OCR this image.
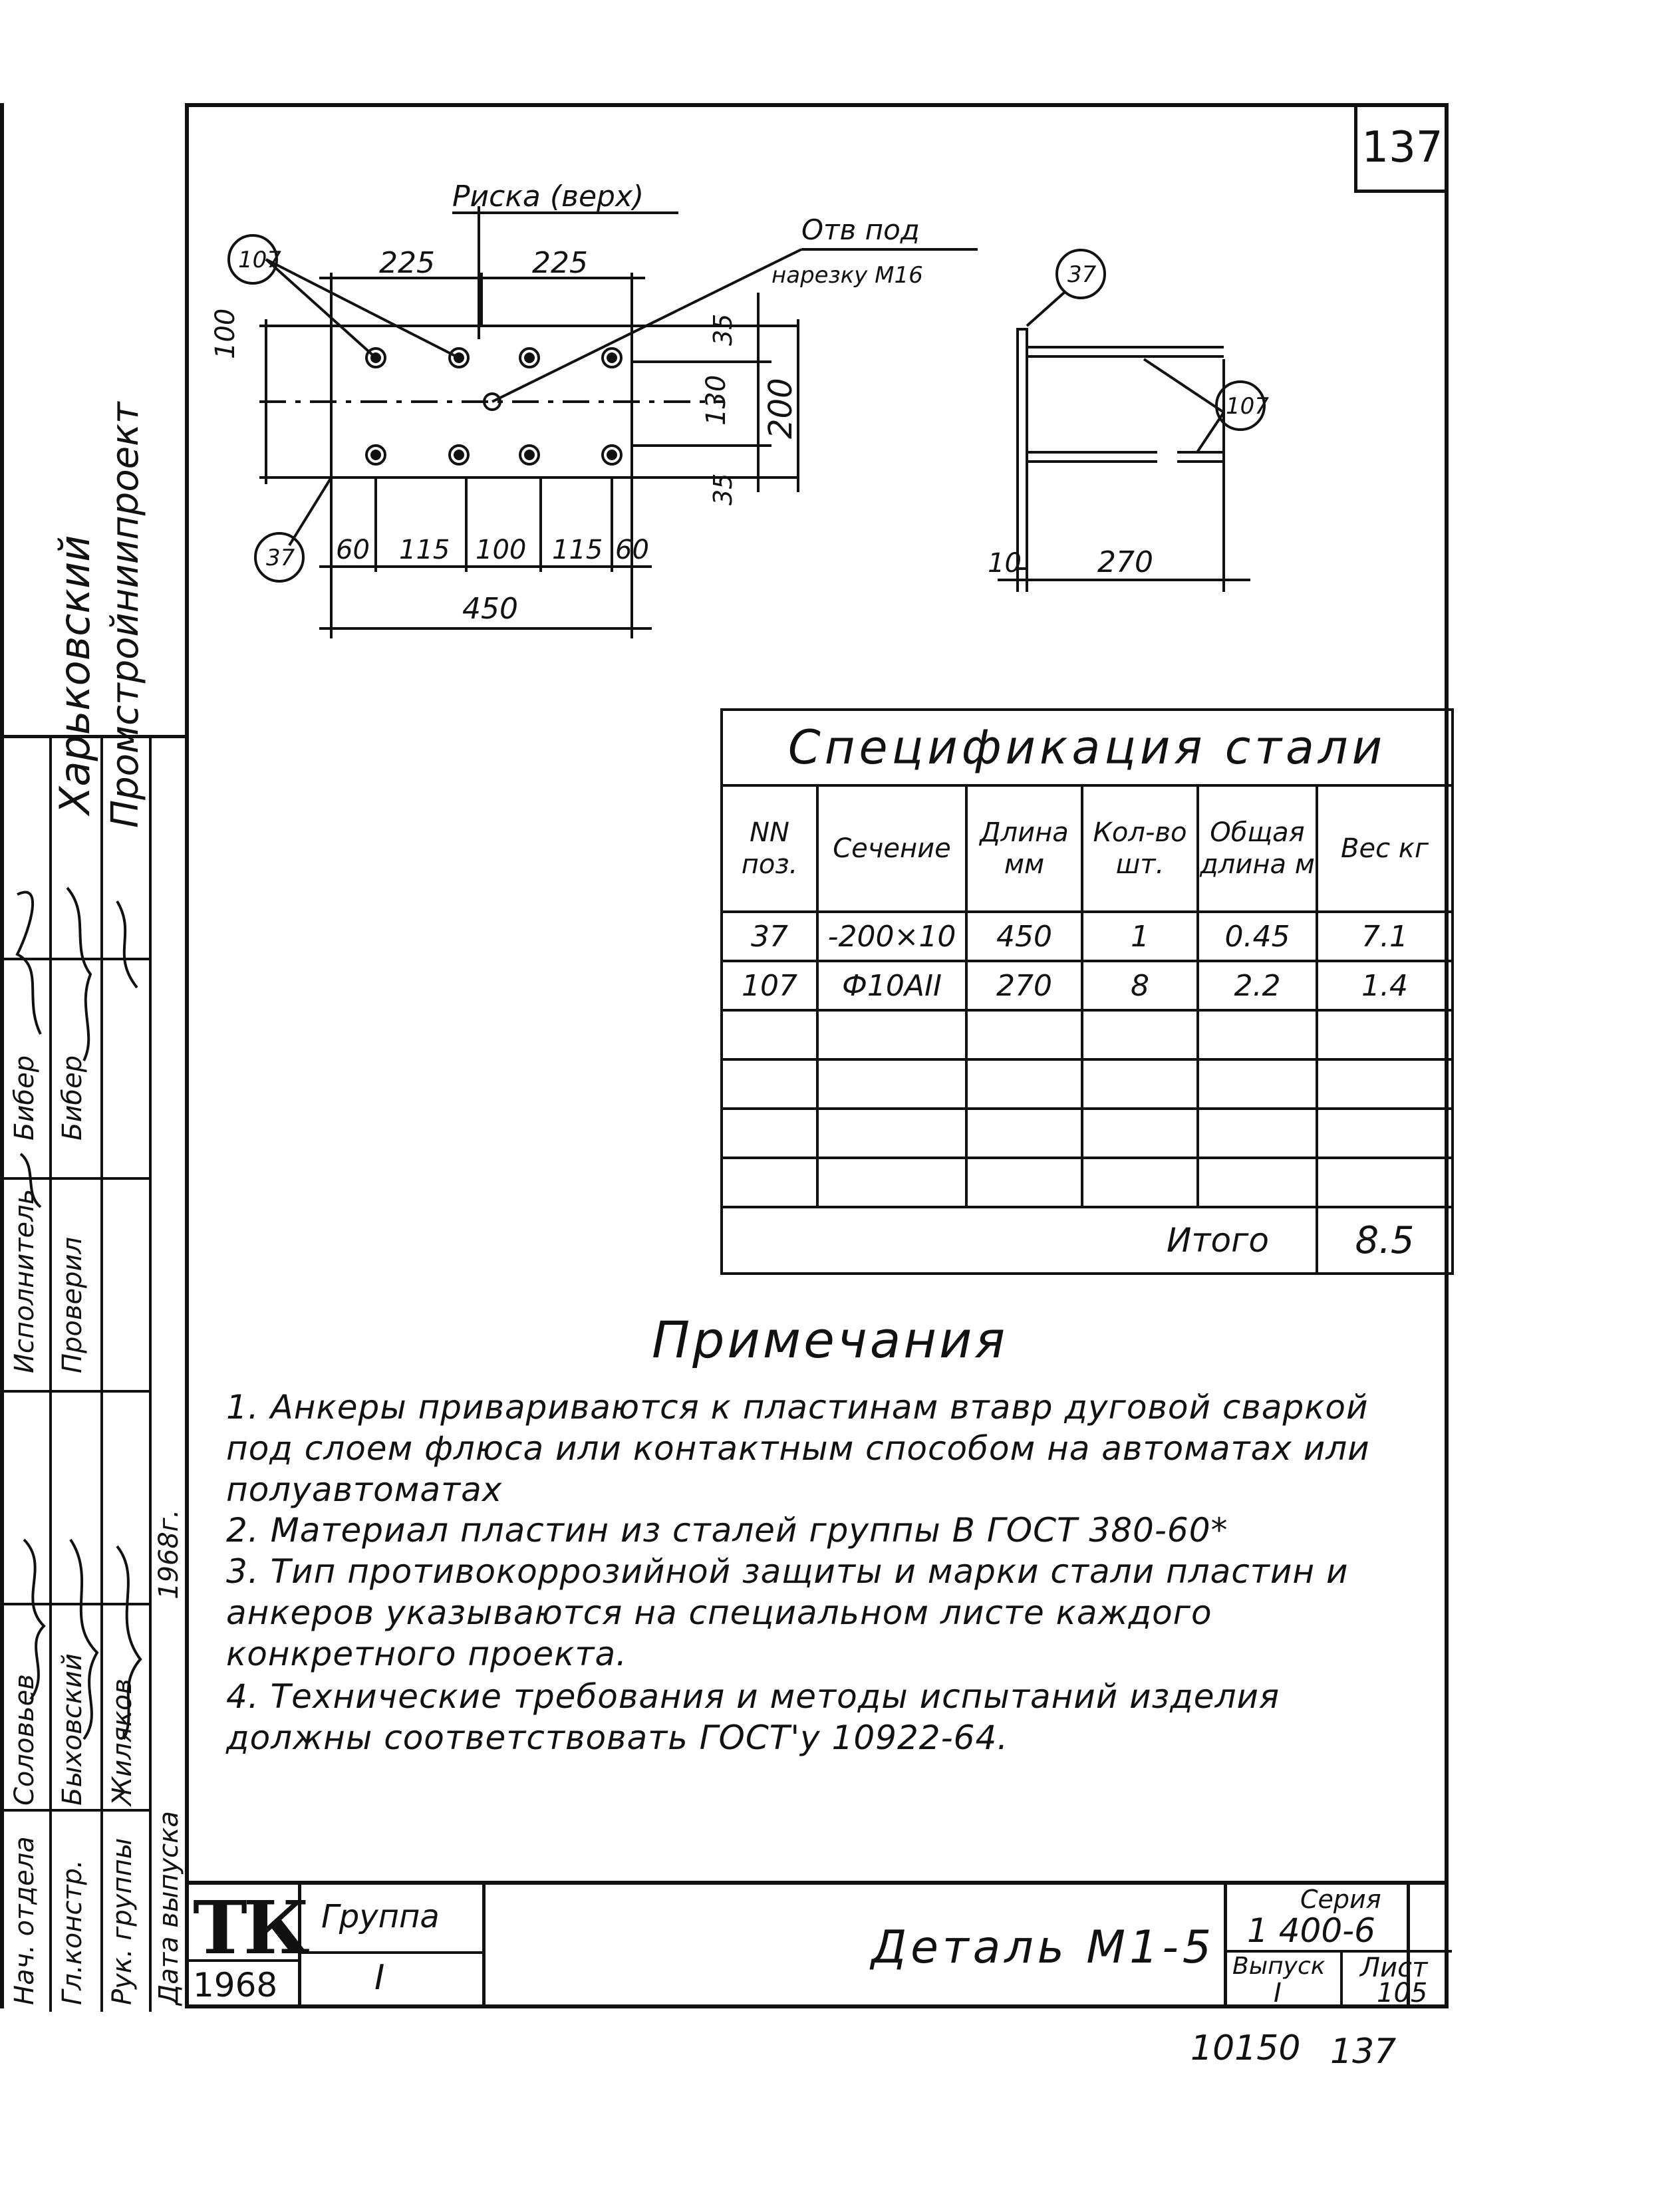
137
Харьковский Промстройниипроект
Нач. отдела
Соловьев
Гл.констр.
Быховский
Рук. группы
Жиляков
Исполнитель
Бибер
Проверил
Бибер
Дата выпуска
1968г.
Риска (верх)
Отв под
нарезку М16
107
37
37
107
225	225
100
130 200
35
35
60 115 100 115 60
450
10	270
Спецификация стали					
NN поз.	Сечение	Длина мм	Кол-во шт.	Общая длина м	Вес кг
37	-200×10	450	1	0.45	7.1
107	Ф10АII	270	8	2.2	1.4

Итого					8.5
Примечания
1. Анкеры привариваются к пластинам втавр дуговой сваркой под слоем флюса или контактным способом на автоматах или полуавтоматах
2. Материал пластин из сталей группы В ГОСТ 380-60*
3. Тип противокоррозийной защиты и марки стали пластин и анкеров указываются на специальном листе каждого конкретного проекта.
4. Технические требования и методы испытаний изделия должны соответствовать ГОСТ'у 10922-64.
ТК
1968
Группа
I
Деталь М1-5
Серия
1 400-6
Выпуск
I
Лист
105
10150 137
